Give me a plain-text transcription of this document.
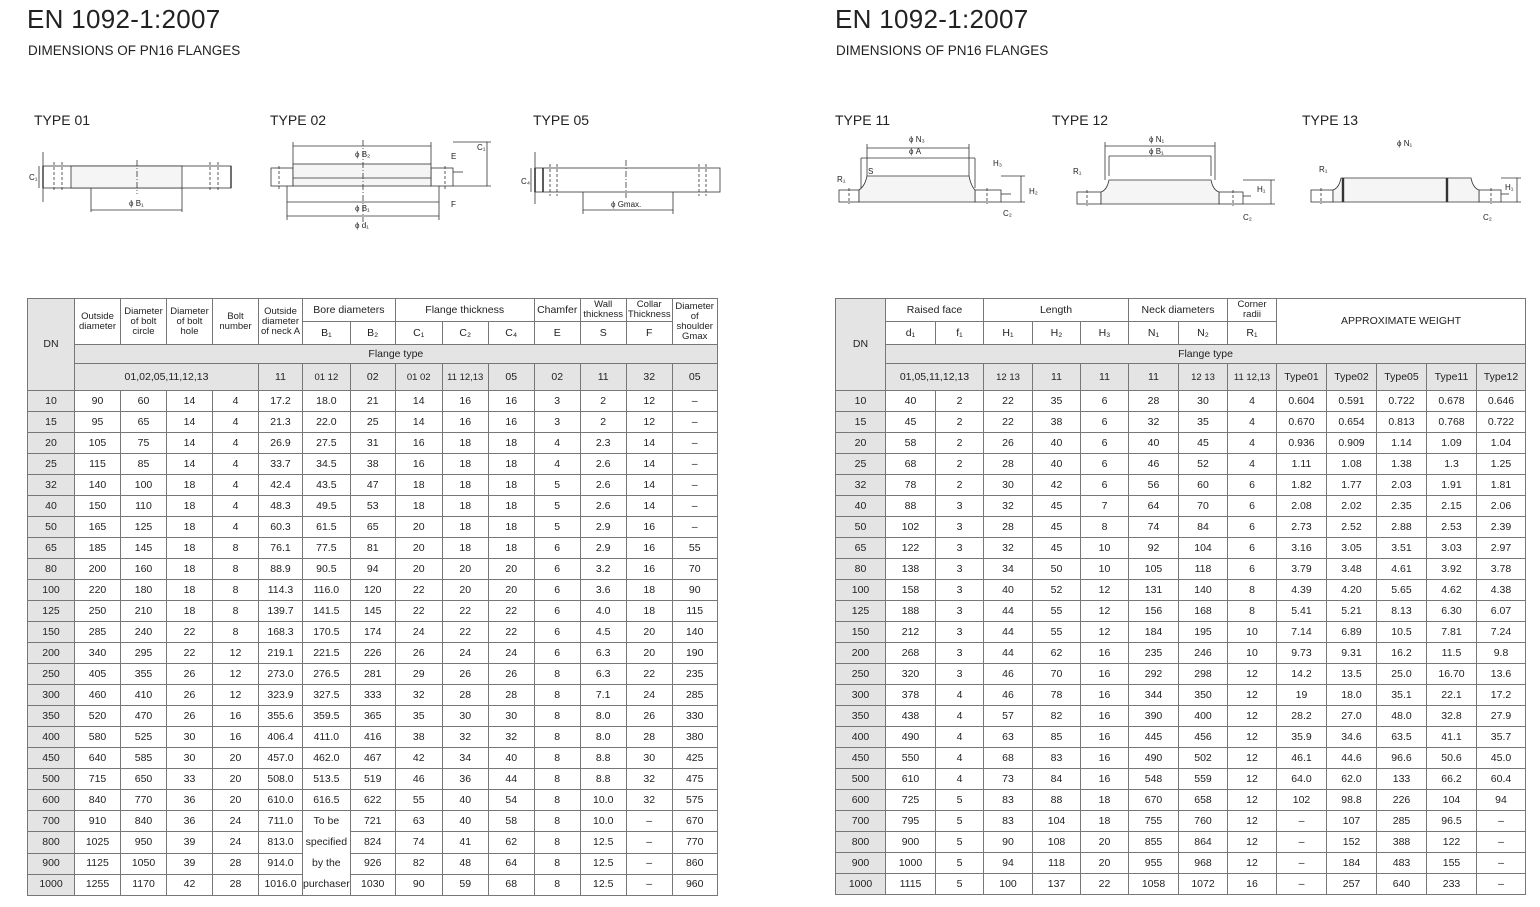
EN 1092-1:2007
DIMENSIONS OF PN16 FLANGES
TYPE 01	TYPE 02	TYPE 05
C₁
ϕ B₁
ϕ B₂	E
C₁
ϕ B₁	F
ϕ d₁
C₄
ϕ Gmax.
DN	Outside diameter	Diameter of bolt circle	Diameter of bolt hole	Bolt number	Outside diameter of neck A	Bore diameters		Flange thickness			Chamfer	Wall thickness	Collar Thickness	Diameter of shoulder Gmax
						B₁	B₂	C₁	C₂	C₄	E	S	F	
	Flange type													
	01,02,05,11,12,13				11	01 12	02	01 02	11 12,13	05	02	11	32	05
10	90	60	14	4	17.2	18.0	21	14	16	16	3	2	12	–
15	95	65	14	4	21.3	22.0	25	14	16	16	3	2	12	–
20	105	75	14	4	26.9	27.5	31	16	18	18	4	2.3	14	–
25	115	85	14	4	33.7	34.5	38	16	18	18	4	2.6	14	–
32	140	100	18	4	42.4	43.5	47	18	18	18	5	2.6	14	–
40	150	110	18	4	48.3	49.5	53	18	18	18	5	2.6	14	–
50	165	125	18	4	60.3	61.5	65	20	18	18	5	2.9	16	–
65	185	145	18	8	76.1	77.5	81	20	18	18	6	2.9	16	55
80	200	160	18	8	88.9	90.5	94	20	20	20	6	3.2	16	70
100	220	180	18	8	114.3	116.0	120	22	20	20	6	3.6	18	90
125	250	210	18	8	139.7	141.5	145	22	22	22	6	4.0	18	115
150	285	240	22	8	168.3	170.5	174	24	22	22	6	4.5	20	140
200	340	295	22	12	219.1	221.5	226	26	24	24	6	6.3	20	190
250	405	355	26	12	273.0	276.5	281	29	26	26	8	6.3	22	235
300	460	410	26	12	323.9	327.5	333	32	28	28	8	7.1	24	285
350	520	470	26	16	355.6	359.5	365	35	30	30	8	8.0	26	330
400	580	525	30	16	406.4	411.0	416	38	32	32	8	8.0	28	380
450	640	585	30	20	457.0	462.0	467	42	34	40	8	8.8	30	425
500	715	650	33	20	508.0	513.5	519	46	36	44	8	8.8	32	475
600	840	770	36	20	610.0	616.5	622	55	40	54	8	10.0	32	575
700	910	840	36	24	711.0	To be specified by the purchaser	721	63	40	58	8	10.0	–	670
800	1025	950	39	24	813.0		824	74	41	62	8	12.5	–	770
900	1125	1050	39	28	914.0		926	82	48	64	8	12.5	–	860
1000	1255	1170	42	28	1016.0		1030	90	59	68	8	12.5	–	960
EN 1092-1:2007
DIMENSIONS OF PN16 FLANGES
TYPE 11	TYPE 12	TYPE 13
ϕ N₃
ϕ A
R₁
S
H₃
H₂
C₂
ϕ N₁
ϕ B₁
R₁
H₁
C₂
ϕ N₁
R₁
H₁
C₂
DN	Raised face		Length			Neck diameters		Corner radii	APPROXIMATE WEIGHT				
	d₁	f₁	H₁	H₂	H₃	N₁	N₂	R₁					
	Flange type												
	01,05,11,12,13		12 13	11	11	11	12 13	11 12,13	Type01	Type02	Type05	Type11	Type12
10	40	2	22	35	6	28	30	4	0.604	0.591	0.722	0.678	0.646
15	45	2	22	38	6	32	35	4	0.670	0.654	0.813	0.768	0.722
20	58	2	26	40	6	40	45	4	0.936	0.909	1.14	1.09	1.04
25	68	2	28	40	6	46	52	4	1.11	1.08	1.38	1.3	1.25
32	78	2	30	42	6	56	60	6	1.82	1.77	2.03	1.91	1.81
40	88	3	32	45	7	64	70	6	2.08	2.02	2.35	2.15	2.06
50	102	3	28	45	8	74	84	6	2.73	2.52	2.88	2.53	2.39
65	122	3	32	45	10	92	104	6	3.16	3.05	3.51	3.03	2.97
80	138	3	34	50	10	105	118	6	3.79	3.48	4.61	3.92	3.78
100	158	3	40	52	12	131	140	8	4.39	4.20	5.65	4.62	4.38
125	188	3	44	55	12	156	168	8	5.41	5.21	8.13	6.30	6.07
150	212	3	44	55	12	184	195	10	7.14	6.89	10.5	7.81	7.24
200	268	3	44	62	16	235	246	10	9.73	9.31	16.2	11.5	9.8
250	320	3	46	70	16	292	298	12	14.2	13.5	25.0	16.70	13.6
300	378	4	46	78	16	344	350	12	19	18.0	35.1	22.1	17.2
350	438	4	57	82	16	390	400	12	28.2	27.0	48.0	32.8	27.9
400	490	4	63	85	16	445	456	12	35.9	34.6	63.5	41.1	35.7
450	550	4	68	83	16	490	502	12	46.1	44.6	96.6	50.6	45.0
500	610	4	73	84	16	548	559	12	64.0	62.0	133	66.2	60.4
600	725	5	83	88	18	670	658	12	102	98.8	226	104	94
700	795	5	83	104	18	755	760	12	–	107	285	96.5	–
800	900	5	90	108	20	855	864	12	–	152	388	122	–
900	1000	5	94	118	20	955	968	12	–	184	483	155	–
1000	1115	5	100	137	22	1058	1072	16	–	257	640	233	–
